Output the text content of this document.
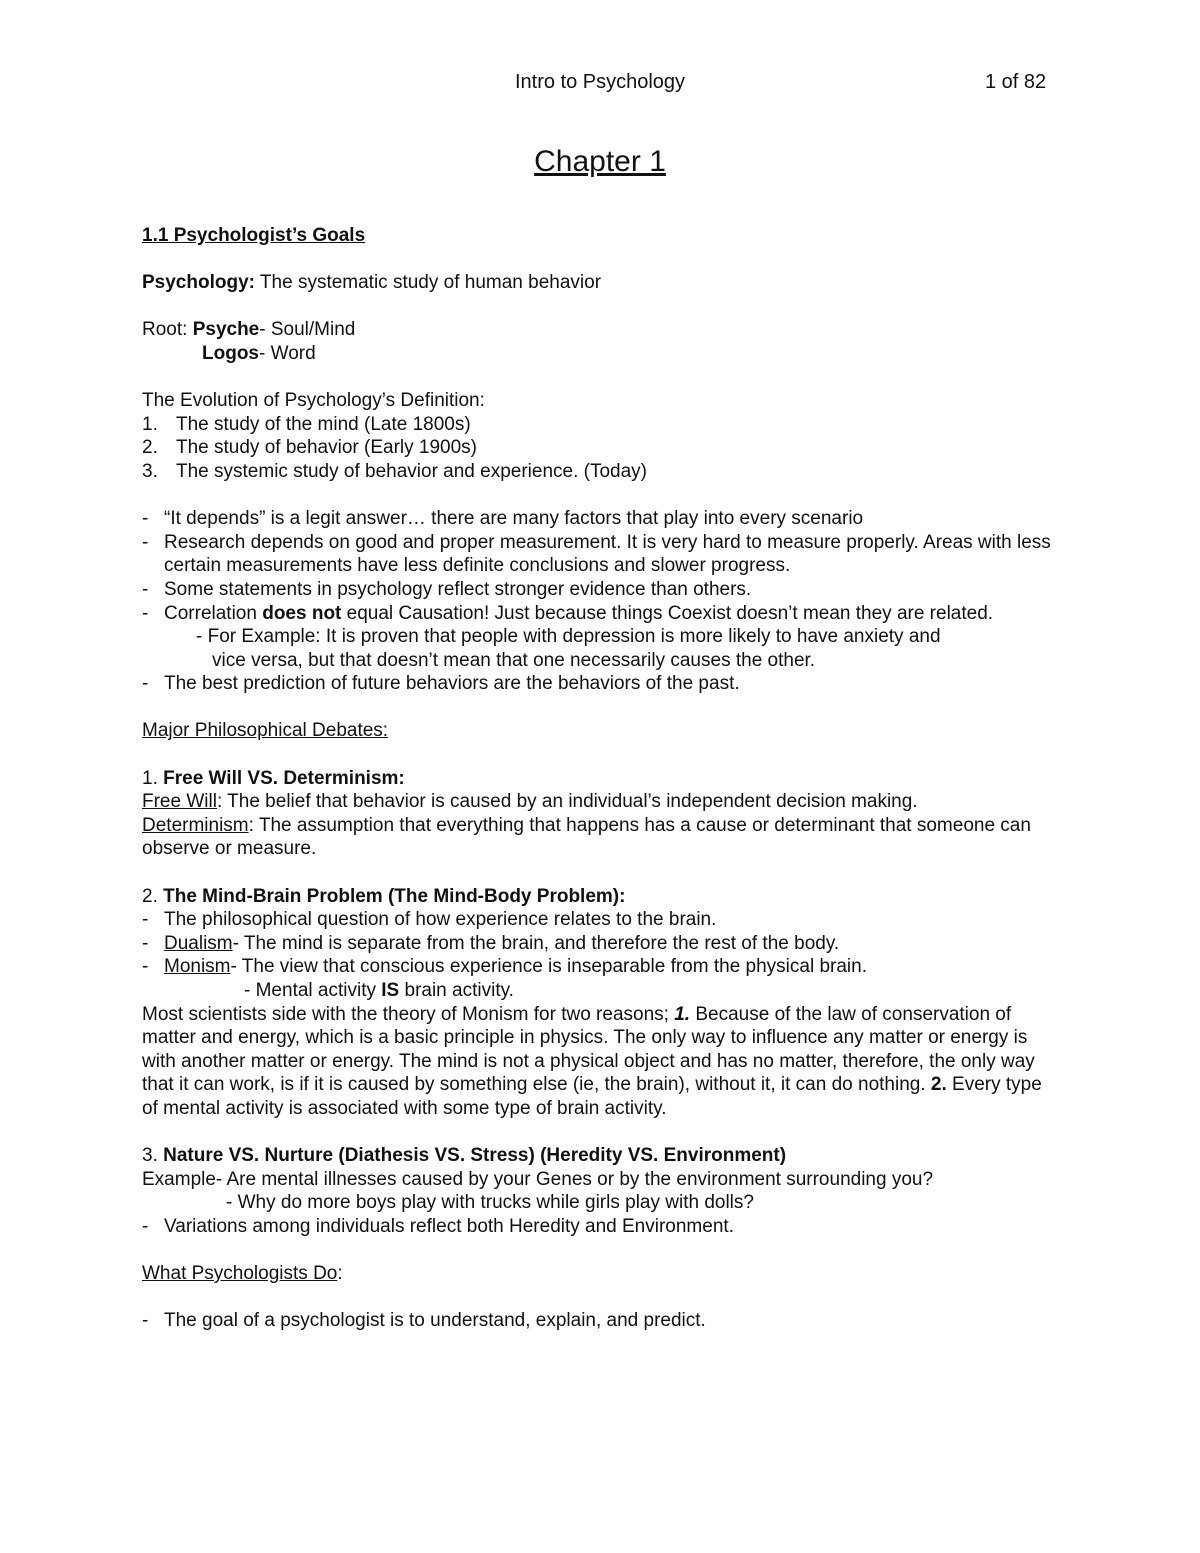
Intro to Psychology	1 of 82
Chapter 1

1.1 Psychologist’s Goals

Psychology: The systematic study of human behavior

Root: Psyche- Soul/Mind

Logos- Word

The Evolution of Psychology’s Definition:

1. The study of the mind (Late 1800s)
2. The study of behavior (Early 1900s)
3. The systemic study of behavior and experience. (Today)
- “It depends” is a legit answer… there are many factors that play into every scenario
- Research depends on good and proper measurement. It is very hard to measure properly. Areas with less certain measurements have less definite conclusions and slower progress.
- Some statements in psychology reflect stronger evidence than others.
- Correlation does not equal Causation! Just because things Coexist doesn’t mean they are related.

- For Example: It is proven that people with depression is more likely to have anxiety and

vice versa, but that doesn’t mean that one necessarily causes the other.

- The best prediction of future behaviors are the behaviors of the past.

Major Philosophical Debates:

1. Free Will VS. Determinism:

Free Will: The belief that behavior is caused by an individual’s independent decision making.

Determinism: The assumption that everything that happens has a cause or determinant that someone can observe or measure.

2. The Mind-Brain Problem (The Mind-Body Problem):

- The philosophical question of how experience relates to the brain.
- Dualism- The mind is separate from the brain, and therefore the rest of the body.
- Monism- The view that conscious experience is inseparable from the physical brain.

- Mental activity IS brain activity.

Most scientists side with the theory of Monism for two reasons; 1. Because of the law of conservation of matter and energy, which is a basic principle in physics. The only way to influence any matter or energy is with another matter or energy. The mind is not a physical object and has no matter, therefore, the only way that it can work, is if it is caused by something else (ie, the brain), without it, it can do nothing. 2. Every type of mental activity is associated with some type of brain activity.

3. Nature VS. Nurture (Diathesis VS. Stress) (Heredity VS. Environment)

Example- Are mental illnesses caused by your Genes or by the environment surrounding you?

- Why do more boys play with trucks while girls play with dolls?

- Variations among individuals reflect both Heredity and Environment.

What Psychologists Do:

- The goal of a psychologist is to understand, explain, and predict.
